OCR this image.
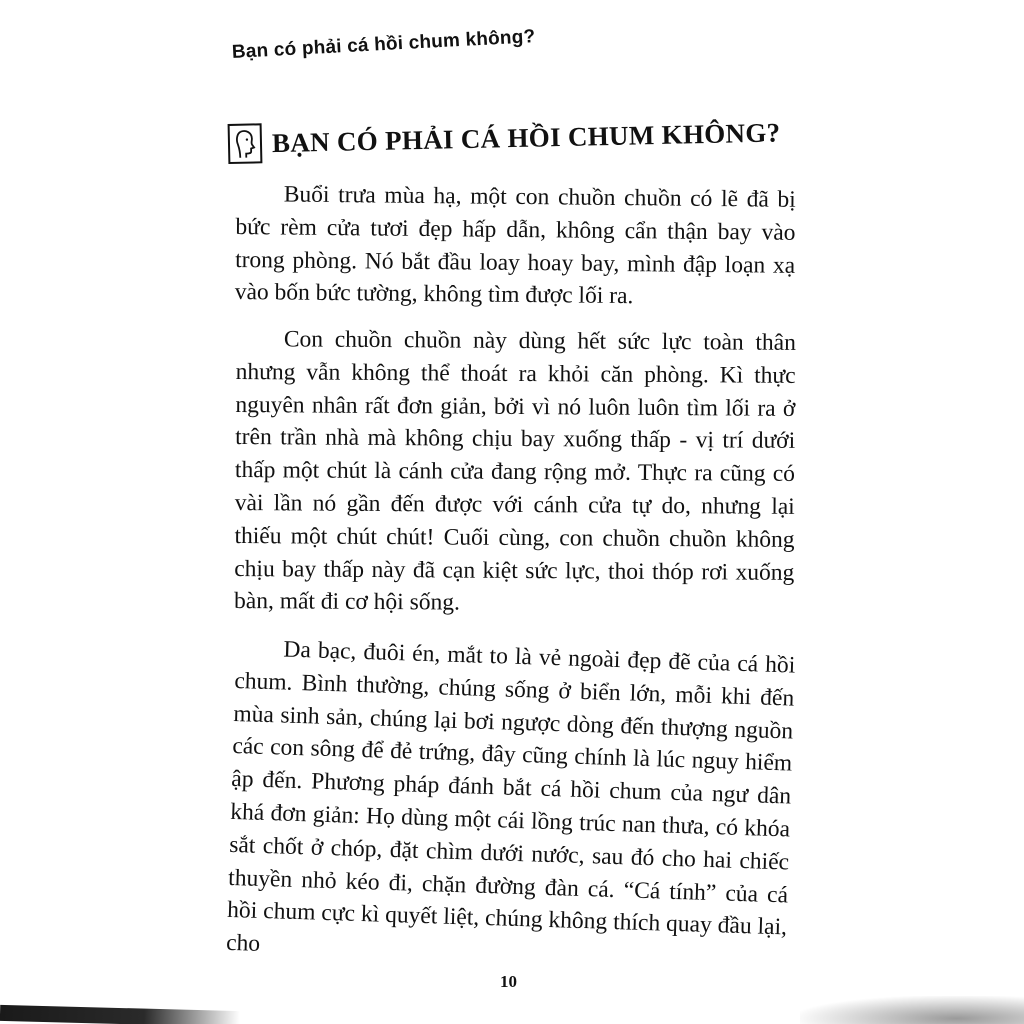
Bạn có phải cá hồi chum không?
BẠN CÓ PHẢI CÁ HỒI CHUM KHÔNG?

Buổi trưa mùa hạ, một con chuồn chuồn có lẽ đã bị bức rèm cửa tươi đẹp hấp dẫn, không cẩn thận bay vào trong phòng. Nó bắt đầu loay hoay bay, mình đập loạn xạ vào bốn bức tường, không tìm được lối ra.

Con chuồn chuồn này dùng hết sức lực toàn thân nhưng vẫn không thể thoát ra khỏi căn phòng. Kì thực nguyên nhân rất đơn giản, bởi vì nó luôn luôn tìm lối ra ở trên trần nhà mà không chịu bay xuống thấp - vị trí dưới thấp một chút là cánh cửa đang rộng mở. Thực ra cũng có vài lần nó gần đến được với cánh cửa tự do, nhưng lại thiếu một chút chút! Cuối cùng, con chuồn chuồn không chịu bay thấp này đã cạn kiệt sức lực, thoi thóp rơi xuống bàn, mất đi cơ hội sống.

Da bạc, đuôi én, mắt to là vẻ ngoài đẹp đẽ của cá hồi chum. Bình thường, chúng sống ở biển lớn, mỗi khi đến mùa sinh sản, chúng lại bơi ngược dòng đến thượng nguồn các con sông để đẻ trứng, đây cũng chính là lúc nguy hiểm ập đến. Phương pháp đánh bắt cá hồi chum của ngư dân khá đơn giản: Họ dùng một cái lồng trúc nan thưa, có khóa sắt chốt ở chóp, đặt chìm dưới nước, sau đó cho hai chiếc thuyền nhỏ kéo đi, chặn đường đàn cá. “Cá tính” của cá hồi chum cực kì quyết liệt, chúng không thích quay đầu lại, cho

10
